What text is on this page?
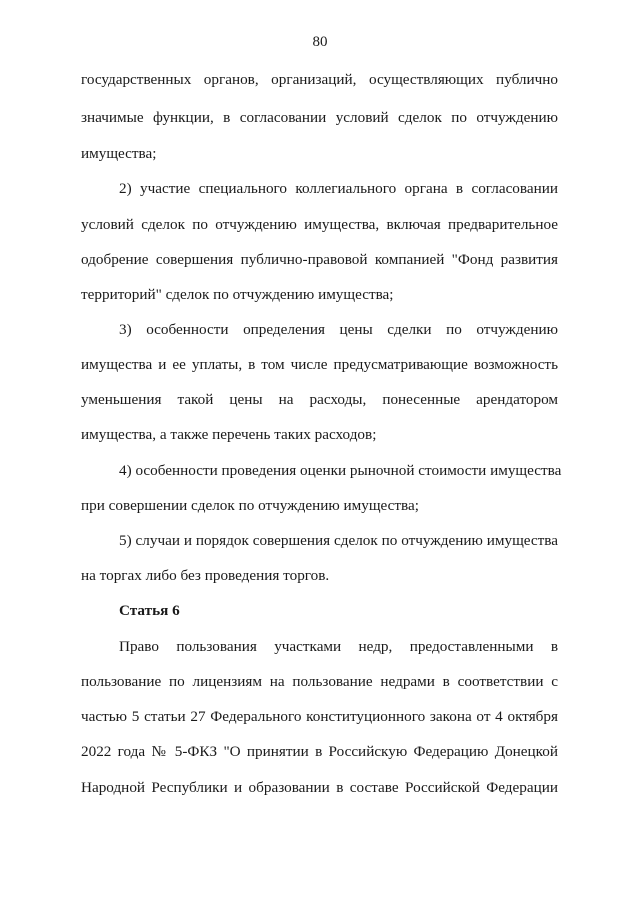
80
государственных органов, организаций, осуществляющих публично
значимые функции, в согласовании условий сделок по отчуждению
имущества;
2) участие специального коллегиального органа в согласовании
условий сделок по отчуждению имущества, включая предварительное
одобрение совершения публично-правовой компанией "Фонд развития
территорий" сделок по отчуждению имущества;
3) особенности определения цены сделки по отчуждению
имущества и ее уплаты, в том числе предусматривающие возможность
уменьшения такой цены на расходы, понесенные арендатором
имущества, а также перечень таких расходов;
4) особенности проведения оценки рыночной стоимости имущества
при совершении сделок по отчуждению имущества;
5) случаи и порядок совершения сделок по отчуждению имущества
на торгах либо без проведения торгов.
Статья 6
Право пользования участками недр, предоставленными в
пользование по лицензиям на пользование недрами в соответствии с
частью 5 статьи 27 Федерального конституционного закона от 4 октября
2022 года № 5-ФКЗ "О принятии в Российскую Федерацию Донецкой
Народной Республики и образовании в составе Российской Федерации
